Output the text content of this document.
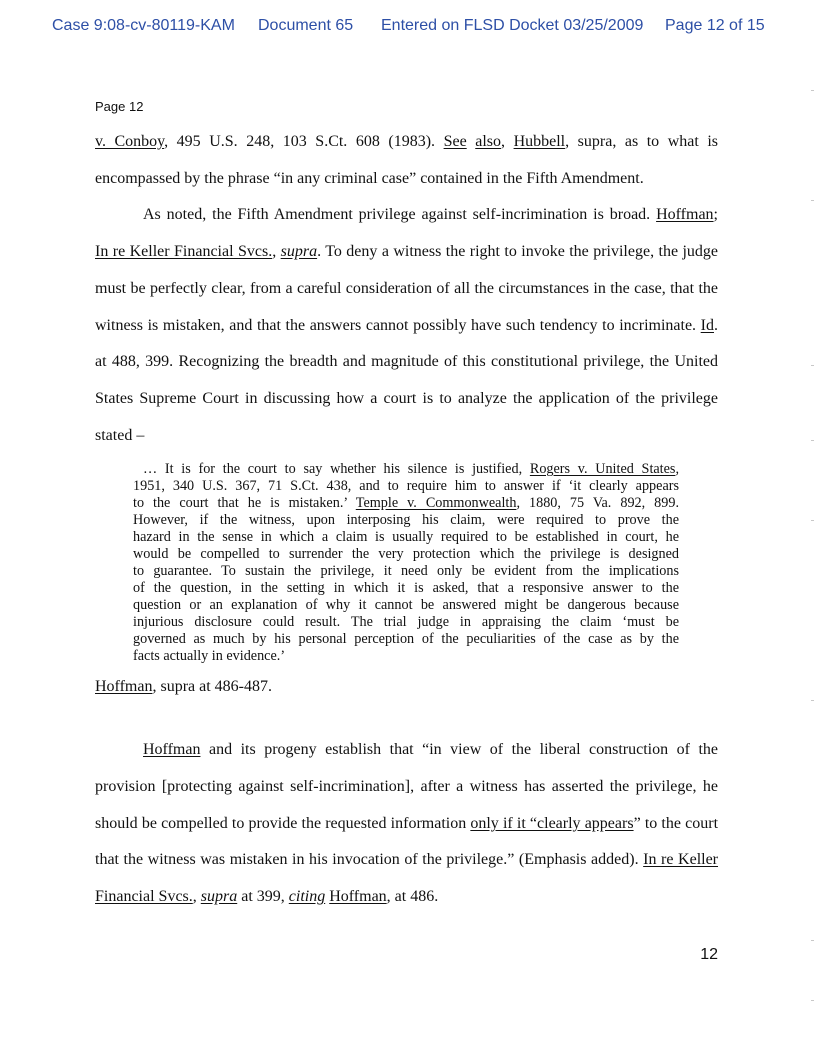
Case 9:08-cv-80119-KAM Document 65 Entered on FLSD Docket 03/25/2009 Page 12 of 15
Page 12
v. Conboy, 495 U.S. 248, 103 S.Ct. 608 (1983). See also, Hubbell, supra, as to what is
encompassed by the phrase “in any criminal case” contained in the Fifth Amendment.
As noted, the Fifth Amendment privilege against self-incrimination is broad. Hoffman;
In re Keller Financial Svcs., supra. To deny a witness the right to invoke the privilege, the judge
must be perfectly clear, from a careful consideration of all the circumstances in the case, that the
witness is mistaken, and that the answers cannot possibly have such tendency to incriminate. Id.
at 488, 399. Recognizing the breadth and magnitude of this constitutional privilege, the United
States Supreme Court in discussing how a court is to analyze the application of the privilege
stated –
… It is for the court to say whether his silence is justified, Rogers v. United States,
1951, 340 U.S. 367, 71 S.Ct. 438, and to require him to answer if ‘it clearly appears
to the court that he is mistaken.’ Temple v. Commonwealth, 1880, 75 Va. 892, 899.
However, if the witness, upon interposing his claim, were required to prove the
hazard in the sense in which a claim is usually required to be established in court, he
would be compelled to surrender the very protection which the privilege is designed
to guarantee. To sustain the privilege, it need only be evident from the implications
of the question, in the setting in which it is asked, that a responsive answer to the
question or an explanation of why it cannot be answered might be dangerous because
injurious disclosure could result. The trial judge in appraising the claim ‘must be
governed as much by his personal perception of the peculiarities of the case as by the
facts actually in evidence.’
Hoffman, supra at 486-487.
Hoffman and its progeny establish that “in view of the liberal construction of the
provision [protecting against self-incrimination], after a witness has asserted the privilege, he
should be compelled to provide the requested information only if it “clearly appears” to the court
that the witness was mistaken in his invocation of the privilege.” (Emphasis added). In re Keller
Financial Svcs., supra at 399, citing Hoffman, at 486.
12
